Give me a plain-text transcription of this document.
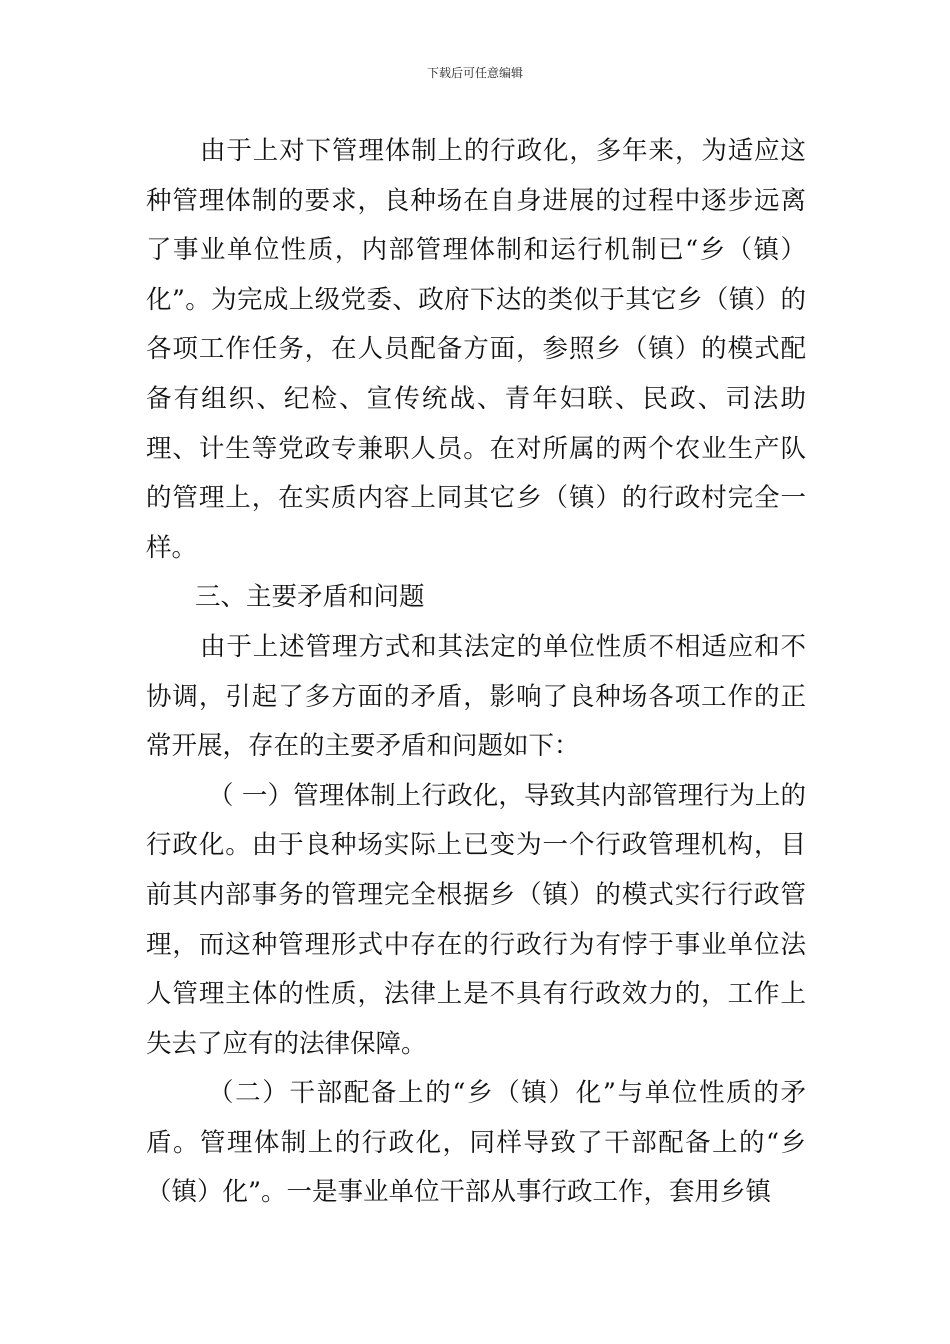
下载后可任意编辑

由于上对下管理体制上的行政化，多年来，为适应这种管理体制的要求，良种场在自身进展的过程中逐步远离了事业单位性质，内部管理体制和运行机制已“乡（镇）化”。为完成上级党委、政府下达的类似于其它乡（镇）的各项工作任务，在人员配备方面，参照乡（镇）的模式配备有组织、纪检、宣传统战、青年妇联、民政、司法助理、计生等党政专兼职人员。在对所属的两个农业生产队的管理上，在实质内容上同其它乡（镇）的行政村完全一样。

三、主要矛盾和问题

由于上述管理方式和其法定的单位性质不相适应和不协调，引起了多方面的矛盾，影响了良种场各项工作的正常开展，存在的主要矛盾和问题如下：

（ 一）管理体制上行政化，导致其内部管理行为上的行政化。由于良种场实际上已变为一个行政管理机构，目前其内部事务的管理完全根据乡（镇）的模式实行行政管理，而这种管理形式中存在的行政行为有悖于事业单位法人管理主体的性质，法律上是不具有行政效力的，工作上失去了应有的法律保障。

（二）干部配备上的“乡（镇）化”与单位性质的矛盾。管理体制上的行政化，同样导致了干部配备上的“乡（镇）化”。一是事业单位干部从事行政工作，套用乡镇
